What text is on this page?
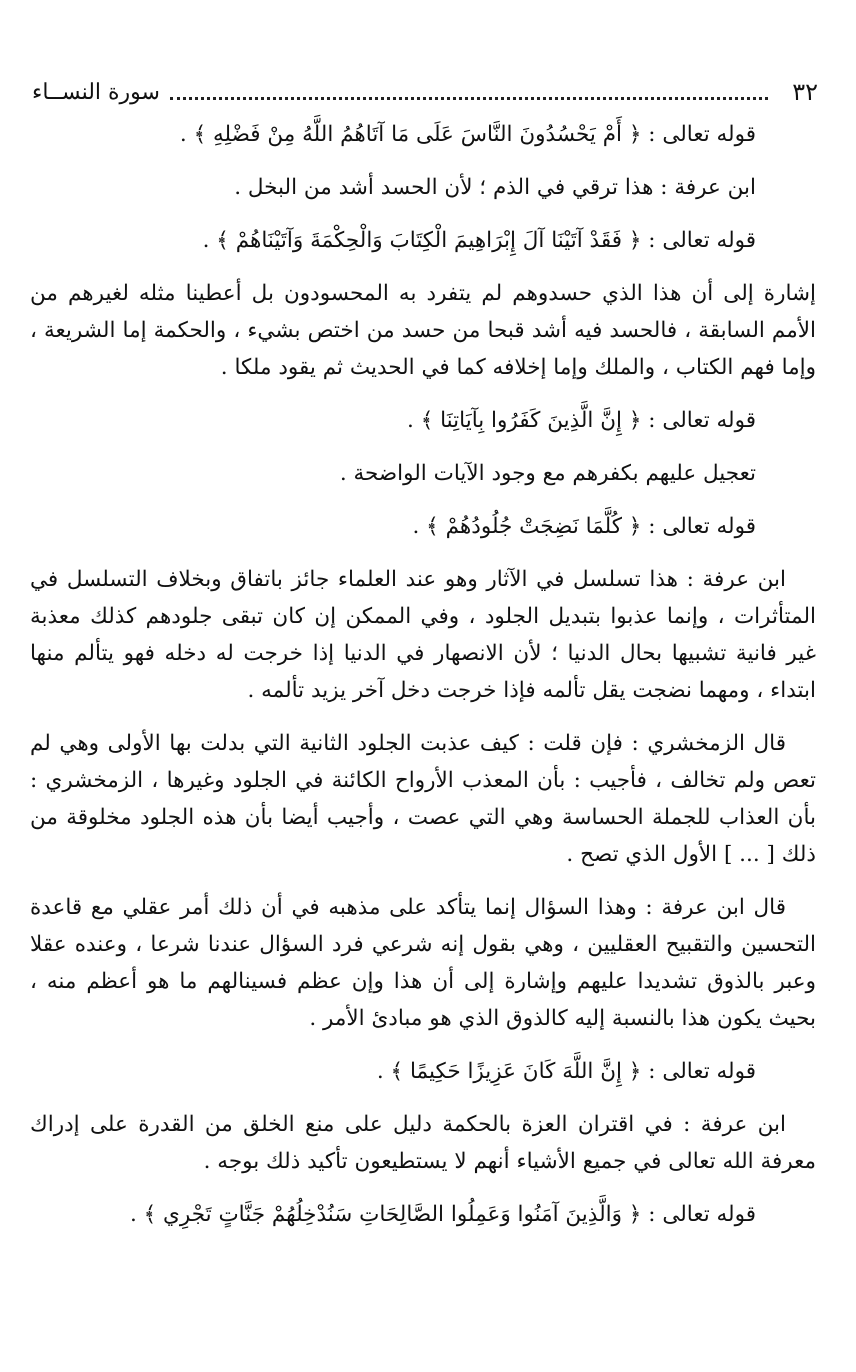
٣٢
سورة النســاء

قوله تعالى : ﴿ أَمْ يَحْسُدُونَ النَّاسَ عَلَى مَا آتَاهُمُ اللَّهُ مِنْ فَضْلِهِ ﴾ .

ابن عرفة : هذا ترقي في الذم ؛ لأن الحسد أشد من البخل .

قوله تعالى : ﴿ فَقَدْ آتَيْنَا آلَ إِبْرَاهِيمَ الْكِتَابَ وَالْحِكْمَةَ وَآتَيْنَاهُمْ ﴾ .

إشارة إلى أن هذا الذي حسدوهم لم يتفرد به المحسودون بل أعطينا مثله لغيرهم من الأمم السابقة ، فالحسد فيه أشد قبحا من حسد من اختص بشيء ، والحكمة إما الشريعة ، وإما فهم الكتاب ، والملك وإما إخلافه كما في الحديث ثم يقود ملكا .

قوله تعالى : ﴿ إِنَّ الَّذِينَ كَفَرُوا بِآيَاتِنَا ﴾ .

تعجيل عليهم بكفرهم مع وجود الآيات الواضحة .

قوله تعالى : ﴿ كُلَّمَا نَضِجَتْ جُلُودُهُمْ ﴾ .

ابن عرفة : هذا تسلسل في الآثار وهو عند العلماء جائز باتفاق وبخلاف التسلسل في المتأثرات ، وإنما عذبوا بتبديل الجلود ، وفي الممكن إن كان تبقى جلودهم كذلك معذبة غير فانية تشبيها بحال الدنيا ؛ لأن الانصهار في الدنيا إذا خرجت له دخله فهو يتألم منها ابتداء ، ومهما نضجت يقل تألمه فإذا خرجت دخل آخر يزيد تألمه .

قال الزمخشري : فإن قلت : كيف عذبت الجلود الثانية التي بدلت بها الأولى وهي لم تعص ولم تخالف ، فأجيب : بأن المعذب الأرواح الكائنة في الجلود وغيرها ، الزمخشري : بأن العذاب للجملة الحساسة وهي التي عصت ، وأجيب أيضا بأن هذه الجلود مخلوقة من ذلك [ ... ] الأول الذي تصح .

قال ابن عرفة : وهذا السؤال إنما يتأكد على مذهبه في أن ذلك أمر عقلي مع قاعدة التحسين والتقبيح العقليين ، وهي بقول إنه شرعي فرد السؤال عندنا شرعا ، وعنده عقلا وعبر بالذوق تشديدا عليهم وإشارة إلى أن هذا وإن عظم فسينالهم ما هو أعظم منه ، بحيث يكون هذا بالنسبة إليه كالذوق الذي هو مبادئ الأمر .

قوله تعالى : ﴿ إِنَّ اللَّهَ كَانَ عَزِيزًا حَكِيمًا ﴾ .

ابن عرفة : في اقتران العزة بالحكمة دليل على منع الخلق من القدرة على إدراك معرفة الله تعالى في جميع الأشياء أنهم لا يستطيعون تأكيد ذلك بوجه .

قوله تعالى : ﴿ وَالَّذِينَ آمَنُوا وَعَمِلُوا الصَّالِحَاتِ سَنُدْخِلُهُمْ جَنَّاتٍ تَجْرِي ﴾ .
